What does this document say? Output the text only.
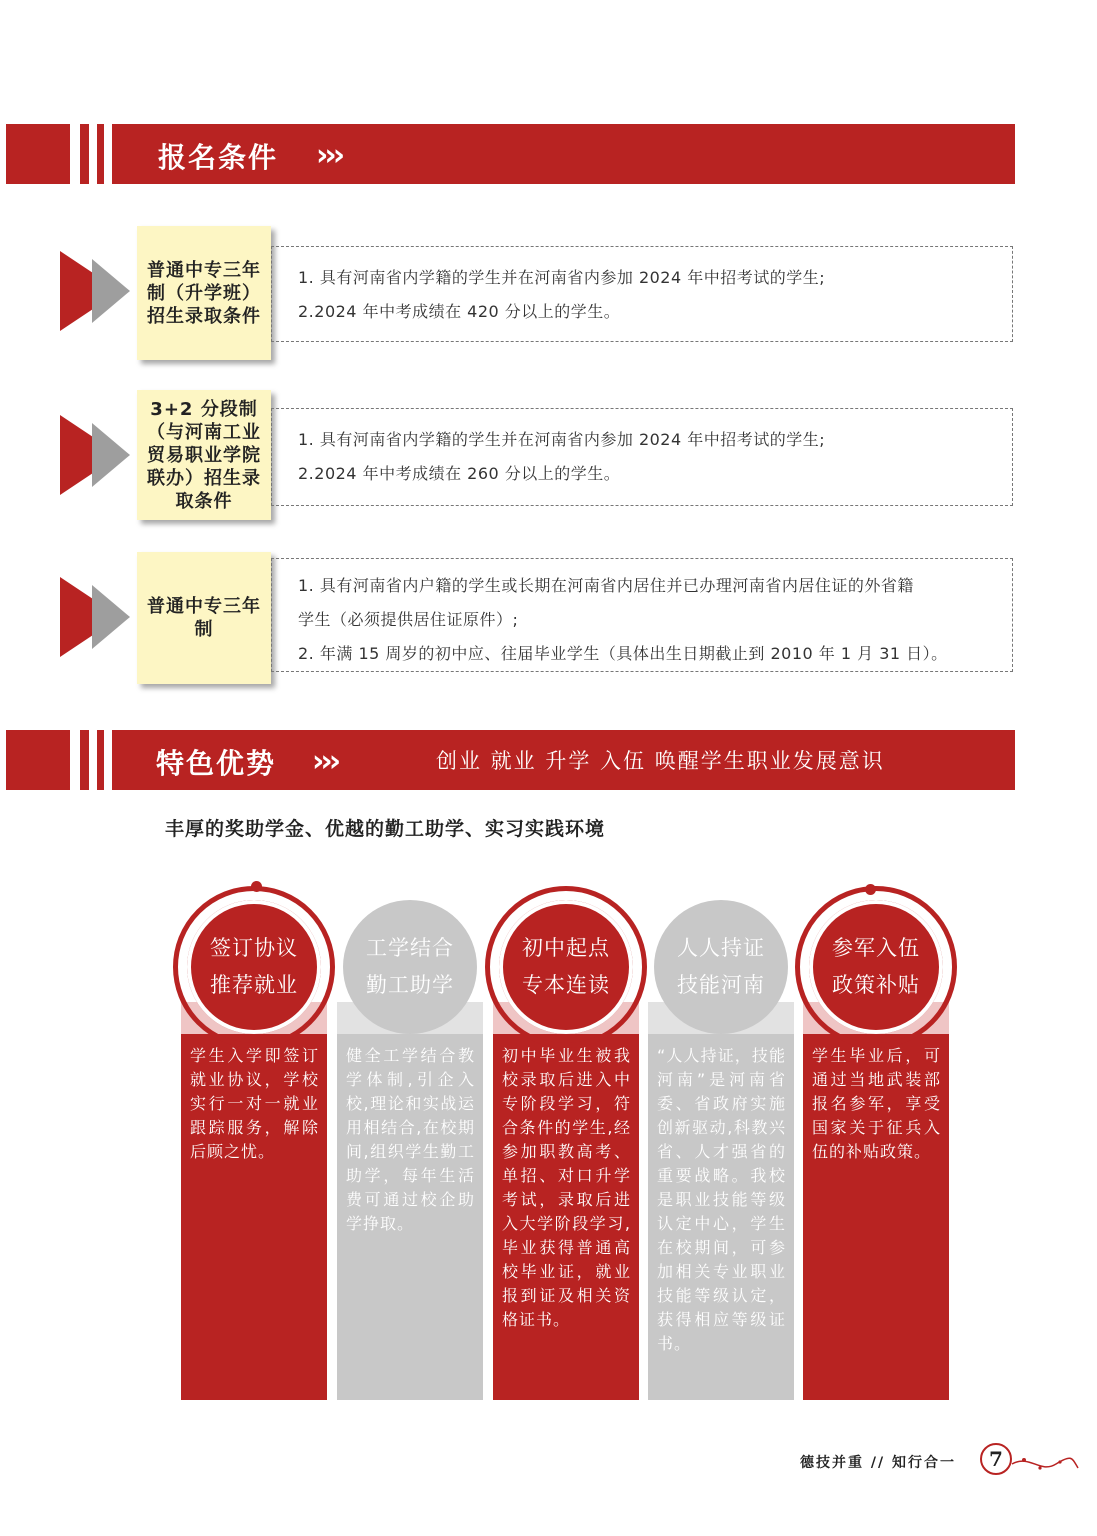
报名条件 ›››
普通中专三年制（升学班）招生录取条件

1. 具有河南省内学籍的学生并在河南省内参加 2024 年中招考试的学生;

2.2024 年中考成绩在 420 分以上的学生。

3+2 分段制（与河南工业贸易职业学院联办）招生录取条件

1. 具有河南省内学籍的学生并在河南省内参加 2024 年中招考试的学生;

2.2024 年中考成绩在 260 分以上的学生。

普通中专三年制

1. 具有河南省内户籍的学生或长期在河南省内居住并已办理河南省内居住证的外省籍

学生（必须提供居住证原件）;

2. 年满 15 周岁的初中应、往届毕业学生（具体出生日期截止到 2010 年 1 月 31 日）。

特色优势 ›››	创业 就业 升学 入伍 唤醒学生职业发展意识
丰厚的奖助学金、优越的勤工助学、实习实践环境

学生入学即签订就业协议，学校实行一对一就业跟踪服务，解除后顾之忧。

签订协议
推荐就业

健全工学结合教学体制,引企入校,理论和实战运用相结合,在校期间,组织学生勤工助学，每年生活费可通过校企助学挣取。

工学结合
勤工助学

初中毕业生被我校录取后进入中专阶段学习，符合条件的学生,经参加职教高考、单招、对口升学考试，录取后进入大学阶段学习,毕业获得普通高校毕业证，就业报到证及相关资格证书。

初中起点
专本连读

“人人持证，技能河南”是河南省委、省政府实施创新驱动,科教兴省、人才强省的重要战略。我校是职业技能等级认定中心，学生在校期间，可参加相关专业职业技能等级认定，获得相应等级证书。

人人持证
技能河南

学生毕业后，可通过当地武装部报名参军，享受国家关于征兵入伍的补贴政策。

参军入伍
政策补贴
德技并重 // 知行合一	7
